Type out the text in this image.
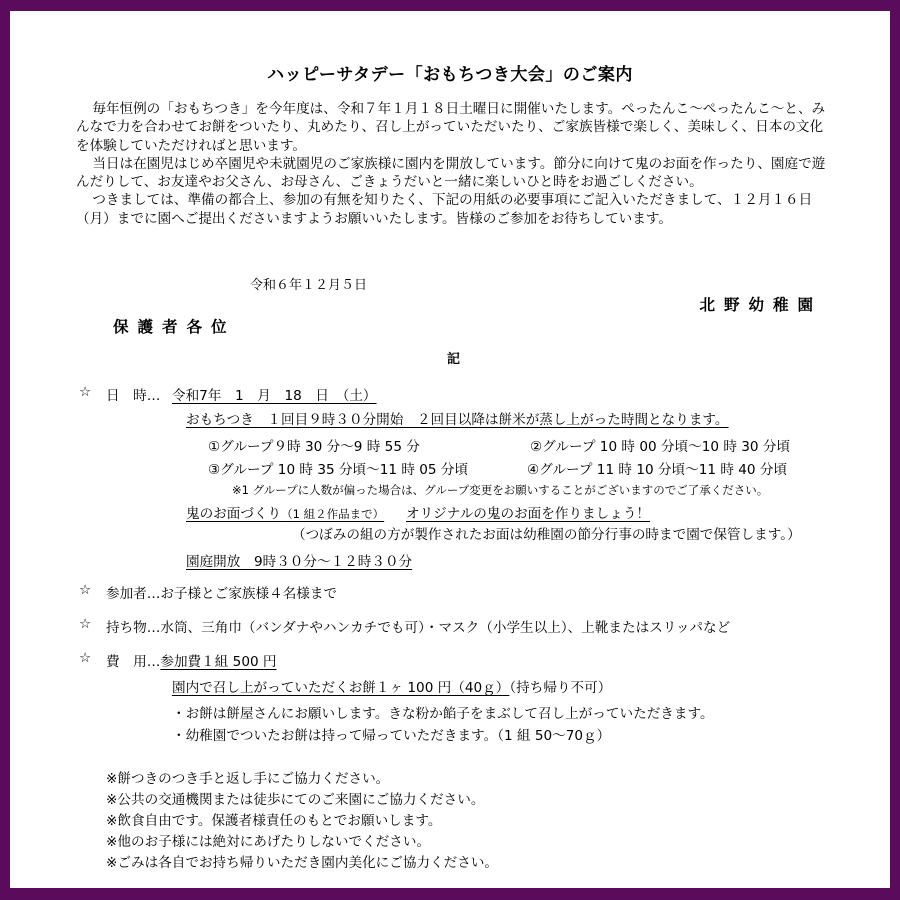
ハッピーサタデー「おもちつき大会」のご案内

毎年恒例の「おもちつき」を今年度は、令和７年１月１８日土曜日に開催いたします。ぺったんこ～ぺったんこ～と、みんなで力を合わせてお餅をついたり、丸めたり、召し上がっていただいたり、ご家族皆様で楽しく、美味しく、日本の文化を体験していただければと思います。

当日は在園児はじめ卒園児や未就園児のご家族様に園内を開放しています。節分に向けて鬼のお面を作ったり、園庭で遊んだりして、お友達やお父さん、お母さん、ごきょうだいと一緒に楽しいひと時をお過ごしください。

つきましては、準備の都合上、参加の有無を知りたく、下記の用紙の必要事項にご記入いただきまして、１２月１６日（月）までに園へご提出くださいますようお願いいたします。皆様のご参加をお待ちしています。

令和６年１２月５日
北野幼稚園
保護者各位
記
☆ 日　時… 令和7年　1　月　18　日　（土）
おもちつき　１回目９時３０分開始　２回目以降は餅米が蒸し上がった時間となります。
①グループ９時 30 分～9 時 55 分	②グループ 10 時 00 分頃～10 時 30 分頃
③グループ 10 時 35 分頃～11 時 05 分頃	④グループ 11 時 10 分頃～11 時 40 分頃
※1 グループに人数が偏った場合は、グループ変更をお願いすることがございますのでご了承ください。
鬼のお面づくり（1 組２作品まで） オリジナルの鬼のお面を作りましょう！
（つぼみの組の方が製作されたお面は幼稚園の節分行事の時まで園で保管します。）
園庭開放　9時３０分～１２時３０分
☆ 参加者…お子様とご家族様４名様まで
☆ 持ち物…水筒、三角巾（バンダナやハンカチでも可）・マスク（小学生以上）、上靴またはスリッパなど
☆ 費　用…参加費１組 500 円
園内で召し上がっていただくお餅１ヶ 100 円（40ｇ）（持ち帰り不可）
・お餅は餅屋さんにお願いします。きな粉か餡子をまぶして召し上がっていただきます。
・幼稚園でついたお餅は持って帰っていただきます。（1 組 50～70ｇ）
※餅つきのつき手と返し手にご協力ください。
※公共の交通機関または徒歩にてのご来園にご協力ください。
※飲食自由です。保護者様責任のもとでお願いします。
※他のお子様には絶対にあげたりしないでください。
※ごみは各自でお持ち帰りいただき園内美化にご協力ください。
